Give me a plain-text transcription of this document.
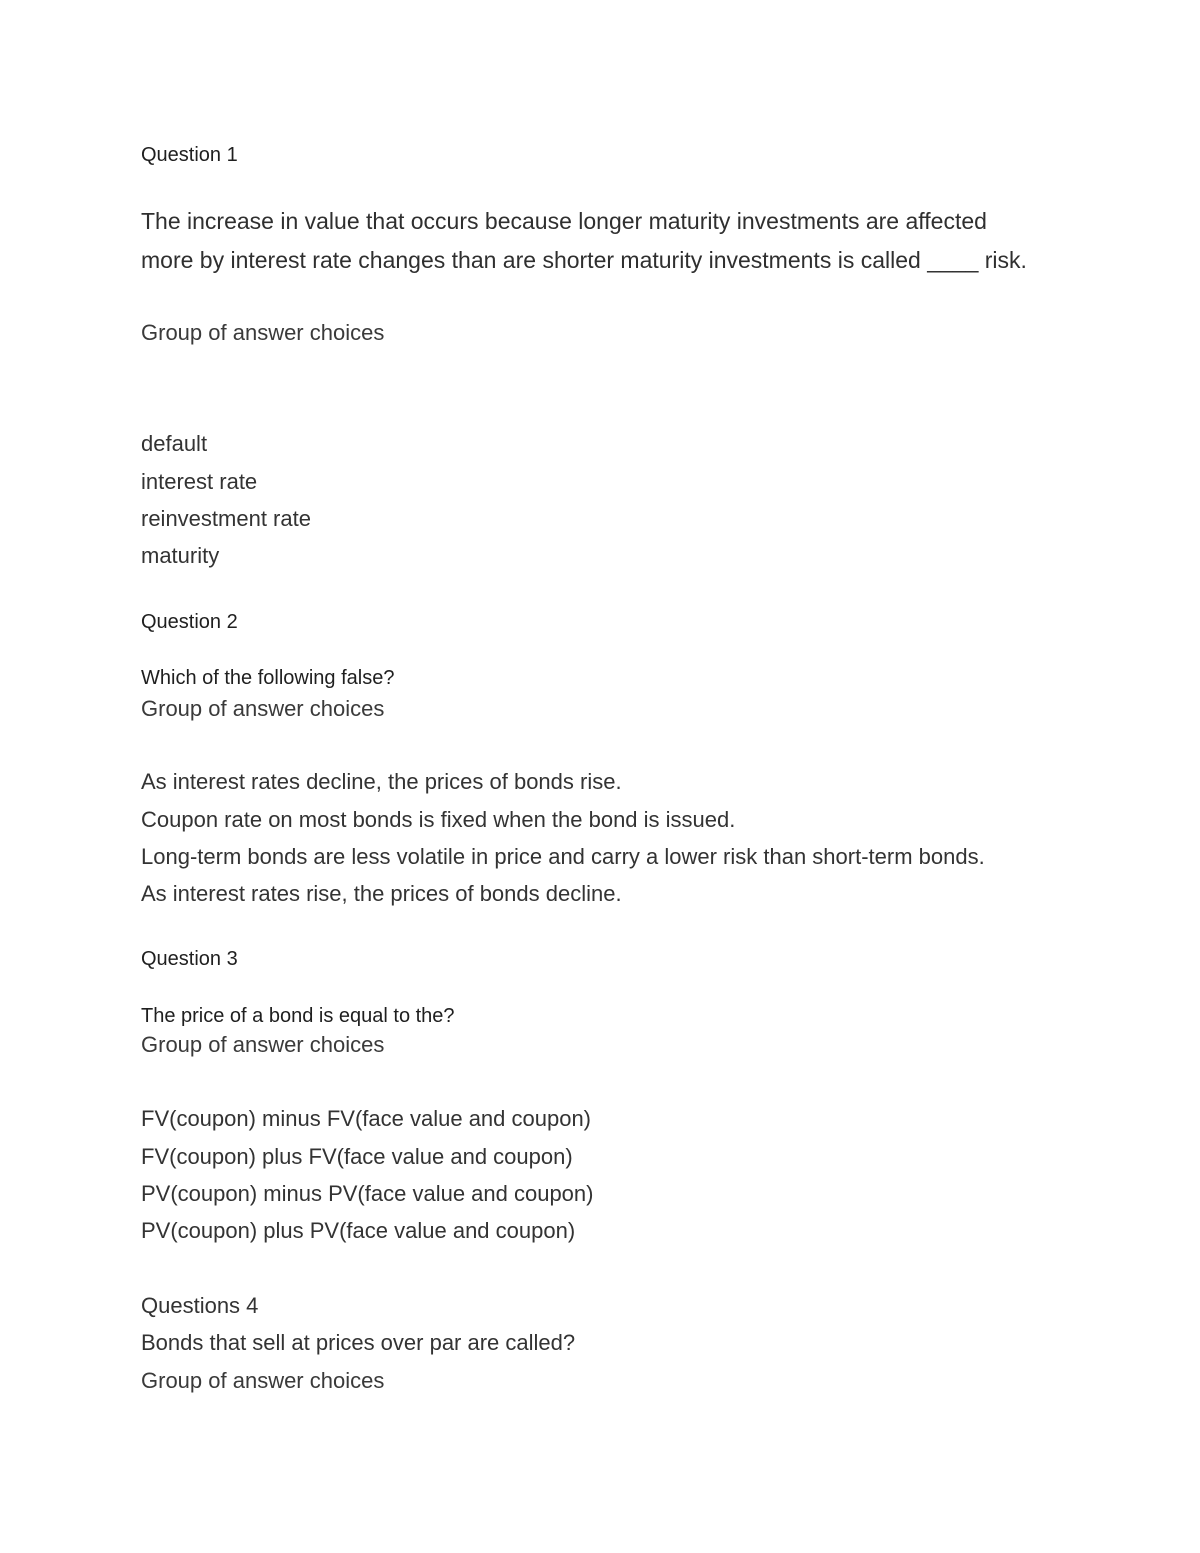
Question 1
The increase in value that occurs because longer maturity investments are affected
more by interest rate changes than are shorter maturity investments is called ____ risk.
Group of answer choices
default
interest rate
reinvestment rate
maturity
Question 2
Which of the following false?
Group of answer choices
As interest rates decline, the prices of bonds rise.
Coupon rate on most bonds is fixed when the bond is issued.
Long-term bonds are less volatile in price and carry a lower risk than short-term bonds.
As interest rates rise, the prices of bonds decline.
Question 3
The price of a bond is equal to the?
Group of answer choices
FV(coupon) minus FV(face value and coupon)
FV(coupon) plus FV(face value and coupon)
PV(coupon) minus PV(face value and coupon)
PV(coupon) plus PV(face value and coupon)
Questions 4
Bonds that sell at prices over par are called?
Group of answer choices
